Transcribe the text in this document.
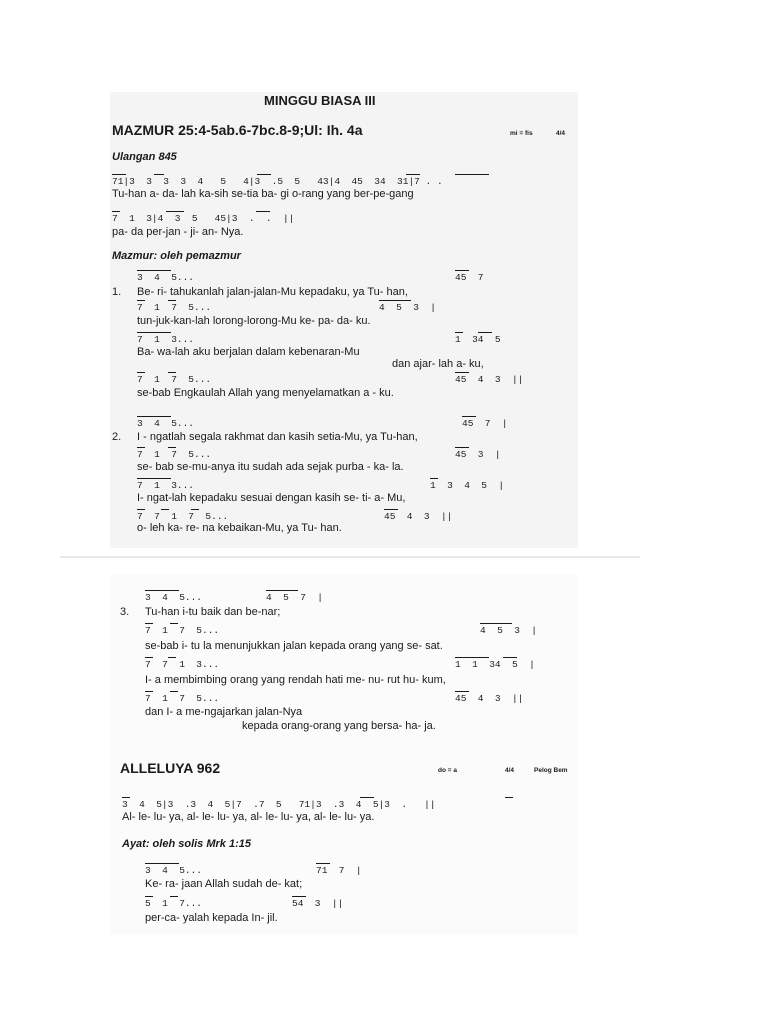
MINGGU BIASA III
MAZMUR 25:4-5ab.6-7bc.8-9;Ul: Ih. 4a	mi = fis	4/4
Ulangan 845
71|3  3  3  3  4   5   4|3  .5  5   43|4  45  34  31|7 . .
Tu-han a- da- lah ka-sih se-tia ba- gi o-rang yang ber-pe-gang
7  1  3|4  3  5   45|3  .  .  ||
pa- da per-jan - ji- an- Nya.
Mazmur: oleh pemazmur
3  4  5...	45  7
1. Be- ri- tahukanlah jalan-jalan-Mu kepadaku, ya Tu- han,
7  1  7  5...	4  5  3  |
tun-juk-kan-lah lorong-lorong-Mu ke- pa- da- ku.
7  1  3...	1  34  5
Ba- wa-lah aku berjalan dalam kebenaran-Mu
dan ajar- lah a- ku,
7  1  7  5...	45  4  3  ||
se-bab Engkaulah Allah yang menyelamatkan a - ku.
3  4  5...	45  7  |
2. I - ngatlah segala rakhmat dan kasih setia-Mu, ya Tu-han,
7  1  7  5...	45  3  |
se- bab se-mu-anya itu sudah ada sejak purba - ka- la.
7  1  3...	1  3  4  5  |
I- ngat-lah kepadaku sesuai dengan kasih se- ti- a- Mu,
7  7  1  7  5...	45  4  3  ||
o- leh ka- re- na kebaikan-Mu, ya Tu- han.
3  4  5...	4  5  7  |
3. Tu-han i-tu baik dan be-nar;
7  1  7  5...	4  5  3  |
se-bab i- tu la menunjukkan jalan kepada orang yang se- sat.
7  7  1  3...	1  1  34  5  |
I- a membimbing orang yang rendah hati me- nu- rut hu- kum,
7  1  7  5...	45  4  3  ||
dan I- a me-ngajarkan jalan-Nya
kepada orang-orang yang bersa- ha- ja.
ALLELUYA 962	do = a	4/4	Pelog Bem
3  4  5|3  .3  4  5|7  .7  5   71|3  .3  4  5|3  .   ||
Al- le- lu- ya, al- le- lu- ya, al- le- lu- ya, al- le- lu- ya.
Ayat: oleh solis Mrk 1:15
3  4  5...	71  7  |
Ke- ra- jaan Allah sudah de- kat;
5  1  7...	54  3  ||
per-ca- yalah kepada In- jil.
